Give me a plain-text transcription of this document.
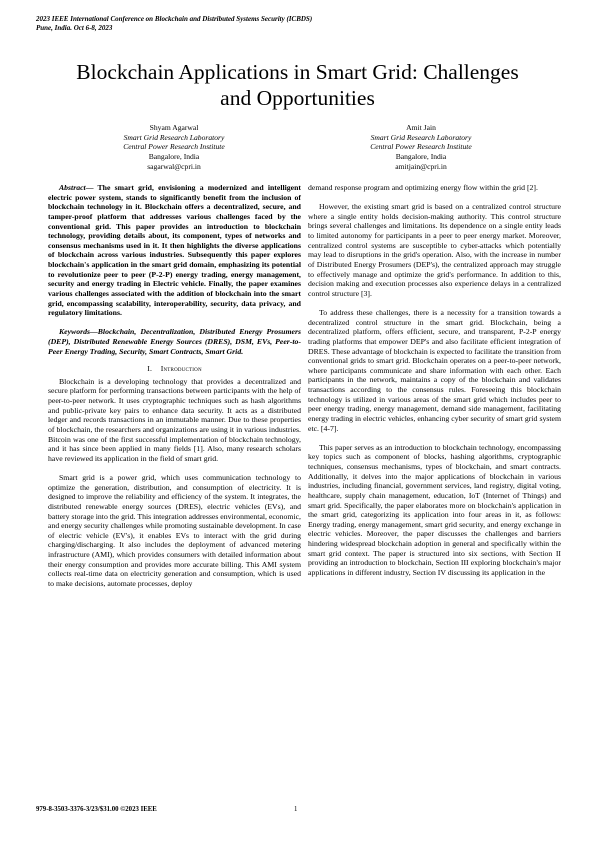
2023 IEEE International Conference on Blockchain and Distributed Systems Security (ICBDS)
Pune, India. Oct 6-8, 2023
Blockchain Applications in Smart Grid: Challenges
and Opportunities
Shyam Agarwal
Smart Grid Research Laboratory
Central Power Research Institute
Bangalore, India
sagarwal@cpri.in
Amit Jain
Smart Grid Research Laboratory
Central Power Research Institute
Bangalore, India
amitjain@cpri.in

Abstract— The smart grid, envisioning a modernized and intelligent electric power system, stands to significantly benefit from the inclusion of blockchain technology in it. Blockchain offers a decentralized, secure, and tamper-proof platform that addresses various challenges faced by the conventional grid. This paper provides an introduction to blockchain technology, providing details about, its component, types of networks and consensus mechanisms used in it. It then highlights the diverse applications of blockchain across various industries. Subsequently this paper explores blockchain's application in the smart grid domain, emphasizing its potential to revolutionize peer to peer (P-2-P) energy trading, energy management, security and energy trading in Electric vehicle. Finally, the paper examines various challenges associated with the addition of blockchain into the smart grid, encompassing scalability, interoperability, security, data privacy, and regulatory limitations.

Keywords—Blockchain, Decentralization, Distributed Energy Prosumers (DEP), Distributed Renewable Energy Sources (DRES), DSM, EVs, Peer-to-Peer Energy Trading, Security, Smart Contracts, Smart Grid.

I. Introduction

Blockchain is a developing technology that provides a decentralized and secure platform for performing transactions between participants with the help of peer-to-peer network. It uses cryptographic techniques such as hash algorithms and public-private key pairs to enhance data security. It acts as a distributed ledger and records transactions in an immutable manner. Due to these properties of blockchain, the researchers and organizations are using it in various industries. Bitcoin was one of the first successful implementation of blockchain technology, and it has since been applied in many fields [1]. Also, many research scholars have reviewed its application in the field of smart grid.

Smart grid is a power grid, which uses communication technology to optimize the generation, distribution, and consumption of electricity. It is designed to improve the reliability and efficiency of the system. It integrates, the distributed renewable energy sources (DRES), electric vehicles (EVs), and battery storage into the grid. This integration addresses environmental, economic, and energy security challenges while promoting sustainable development. In case of electric vehicle (EV's), it enables EVs to interact with the grid during charging/discharging. It also includes the deployment of advanced metering infrastructure (AMI), which provides consumers with detailed information about their energy consumption and provides more accurate billing. This AMI system collects real-time data on electricity generation and consumption, which is used to make decisions, automate processes, deploy

demand response program and optimizing energy flow within the grid [2].

However, the existing smart grid is based on a centralized control structure where a single entity holds decision-making authority. This control structure brings several challenges and limitations. Its dependence on a single entity leads to limited autonomy for participants in a peer to peer energy market. Moreover, centralized control systems are susceptible to cyber-attacks which potentially may lead to disruptions in the grid's operation. Also, with the increase in number of Distributed Energy Prosumers (DEP's), the centralized approach may struggle to effectively manage and optimize the grid's performance. In addition to this, decision making and execution processes also experience delays in a centralized control structure [3].

To address these challenges, there is a necessity for a transition towards a decentralized control structure in the smart grid. Blockchain, being a decentralized platform, offers efficient, secure, and transparent, P-2-P energy trading platforms that empower DEP's and also facilitate efficient integration of DRES. These advantage of blockchain is expected to facilitate the transition from conventional grids to smart grid. Blockchain operates on a peer-to-peer network, where participants communicate and share information with each other. Each participants in the network, maintains a copy of the blockchain and validates transactions according to the consensus rules. Foreseeing this blockchain technology is utilized in various areas of the smart grid which includes peer to peer energy trading, energy management, demand side management, facilitating energy trading in electric vehicles, enhancing cyber security of smart grid system etc. [4-7].

This paper serves as an introduction to blockchain technology, encompassing key topics such as component of blocks, hashing algorithms, cryptographic techniques, consensus mechanisms, types of blockchain, and smart contracts. Additionally, it delves into the major applications of blockchain in various industries, including financial, government services, land registry, digital voting, healthcare, supply chain management, education, IoT (Internet of Things) and smart grid. Specifically, the paper elaborates more on blockchain's application in the smart grid, categorizing its application into four areas in it, as follows: Energy trading, energy management, smart grid security, and energy exchange in electric vehicles. Moreover, the paper discusses the challenges and barriers hindering widespread blockchain adoption in general and specifically within the smart grid context. The paper is structured into six sections, with Section II providing an introduction to blockchain, Section III exploring blockchain's major applications in different industry, Section IV discussing its application in the

979-8-3503-3376-3/23/$31.00 ©2023 IEEE	1
